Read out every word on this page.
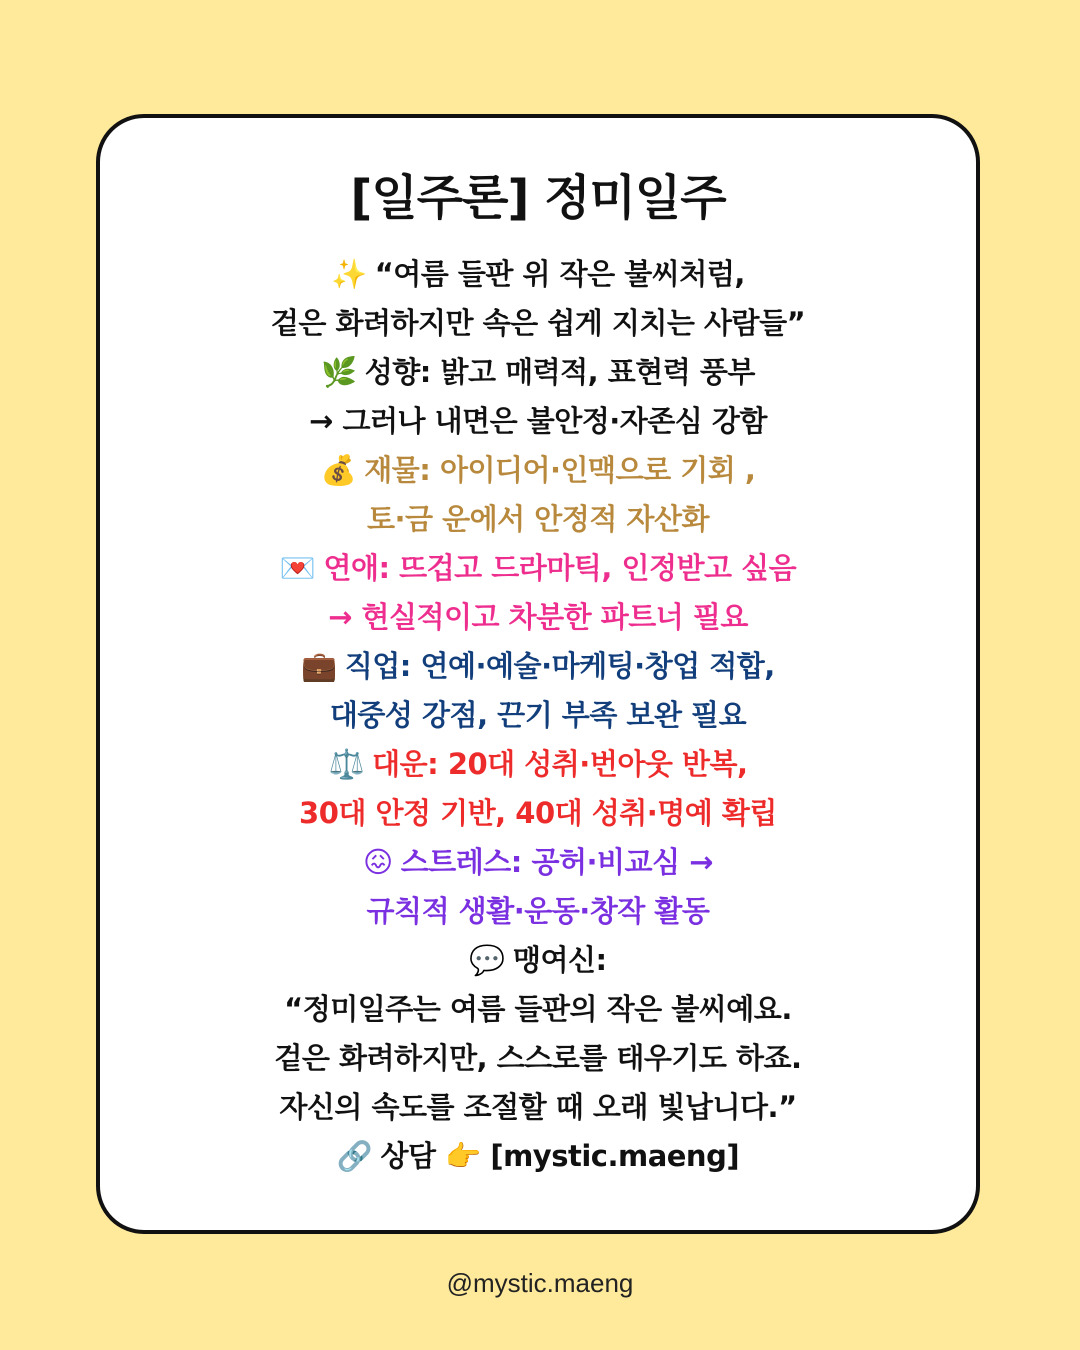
[일주론] 정미일주
✨ “여름 들판 위 작은 불씨처럼,
겉은 화려하지만 속은 쉽게 지치는 사람들”
🌿 성향: 밝고 매력적, 표현력 풍부
→ 그러나 내면은 불안정·자존심 강함
💰 재물: 아이디어·인맥으로 기회 ,
토·금 운에서 안정적 자산화
💌 연애: 뜨겁고 드라마틱, 인정받고 싶음
→ 현실적이고 차분한 파트너 필요
💼 직업: 연예·예술·마케팅·창업 적합,
대중성 강점, 끈기 부족 보완 필요
⚖️ 대운: 20대 성취·번아웃 반복,
30대 안정 기반, 40대 성취·명예 확립
😖 스트레스: 공허·비교심 →
규칙적 생활·운동·창작 활동
💬 맹여신:
“정미일주는 여름 들판의 작은 불씨예요.
겉은 화려하지만, 스스로를 태우기도 하죠.
자신의 속도를 조절할 때 오래 빛납니다.”
🔗 상담 👉 [mystic.maeng]
@mystic.maeng
